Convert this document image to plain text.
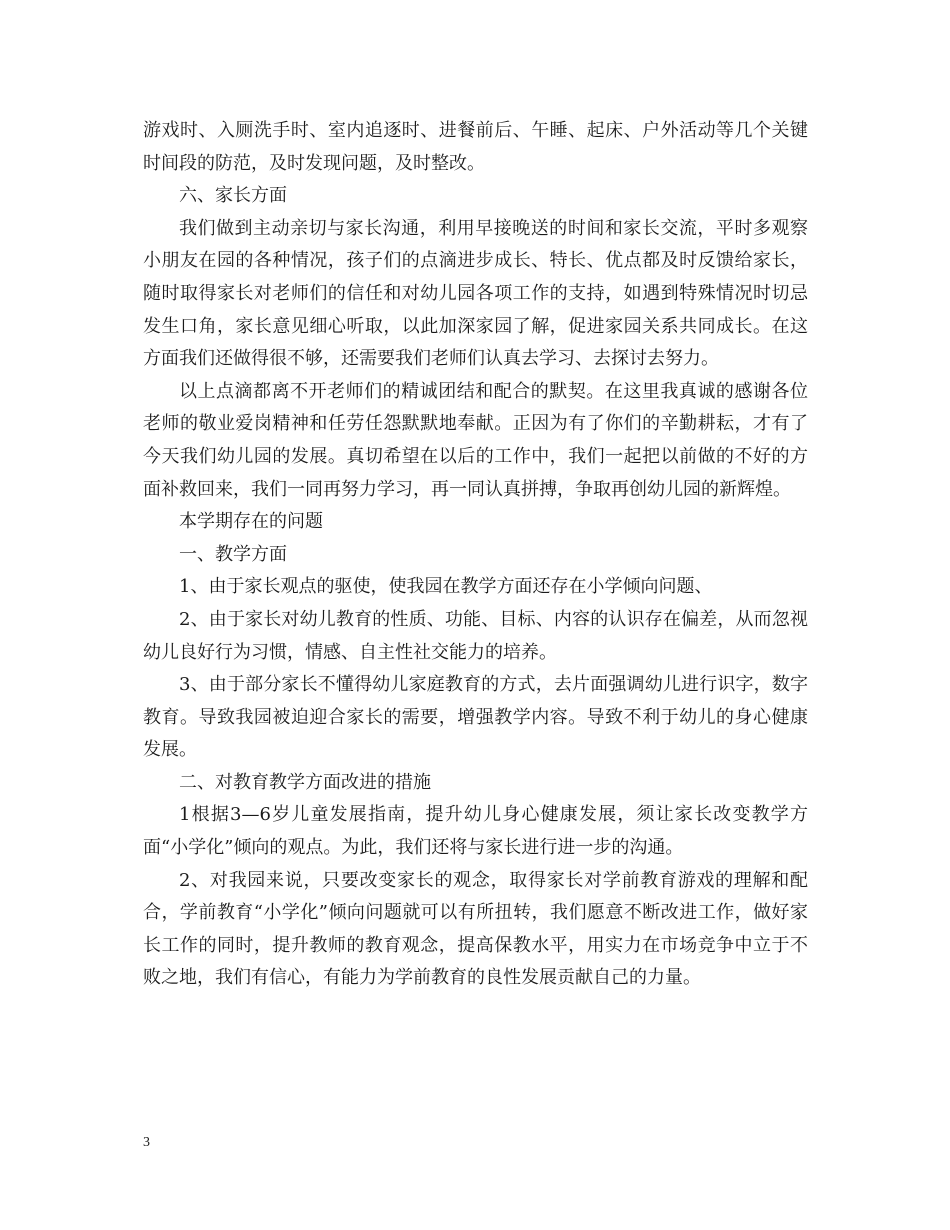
游戏时、入厕洗手时、室内追逐时、进餐前后、午睡、起床、户外活动等几个关键时间段的防范，及时发现问题，及时整改。

六、家长方面

我们做到主动亲切与家长沟通，利用早接晚送的时间和家长交流，平时多观察小朋友在园的各种情况，孩子们的点滴进步成长、特长、优点都及时反馈给家长，随时取得家长对老师们的信任和对幼儿园各项工作的支持，如遇到特殊情况时切忌发生口角，家长意见细心听取，以此加深家园了解，促进家园关系共同成长。在这方面我们还做得很不够，还需要我们老师们认真去学习、去探讨去努力。

以上点滴都离不开老师们的精诚团结和配合的默契。在这里我真诚的感谢各位老师的敬业爱岗精神和任劳任怨默默地奉献。正因为有了你们的辛勤耕耘，才有了今天我们幼儿园的发展。真切希望在以后的工作中，我们一起把以前做的不好的方面补救回来，我们一同再努力学习，再一同认真拼搏，争取再创幼儿园的新辉煌。

本学期存在的问题

一、教学方面

1、由于家长观点的驱使，使我园在教学方面还存在小学倾向问题、

2、由于家长对幼儿教育的性质、功能、目标、内容的认识存在偏差，从而忽视幼儿良好行为习惯，情感、自主性社交能力的培养。

3、由于部分家长不懂得幼儿家庭教育的方式，去片面强调幼儿进行识字，数字教育。导致我园被迫迎合家长的需要，增强教学内容。导致不利于幼儿的身心健康发展。

二、对教育教学方面改进的措施

1根据3—6岁儿童发展指南，提升幼儿身心健康发展，须让家长改变教学方面“小学化”倾向的观点。为此，我们还将与家长进行进一步的沟通。

2、对我园来说，只要改变家长的观念，取得家长对学前教育游戏的理解和配合，学前教育“小学化”倾向问题就可以有所扭转，我们愿意不断改进工作，做好家长工作的同时，提升教师的教育观念，提高保教水平，用实力在市场竞争中立于不败之地，我们有信心，有能力为学前教育的良性发展贡献自己的力量。

3
